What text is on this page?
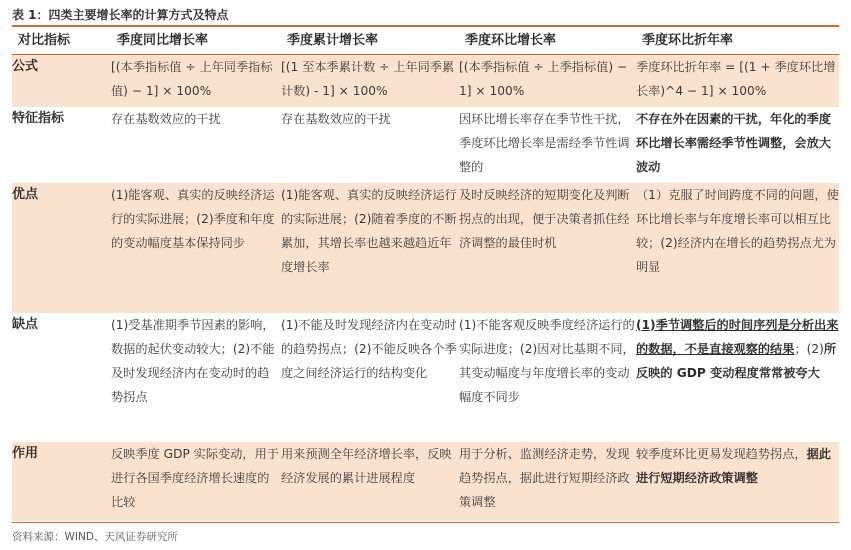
表 1：四类主要增长率的计算方式及特点
对比指标	季度同比增长率	季度累计增长率	季度环比增长率	季度环比折年率
公式	[(本季指标值 ÷ 上年同季指标值) − 1] × 100%	[(1 至本季累计数 ÷ 上年同季累计数) - 1] × 100%	[(本季指标值 ÷ 上季指标值) − 1] × 100%	季度环比折年率 = [(1 + 季度环比增长率)^4 − 1] × 100%
特征指标	存在基数效应的干扰	存在基数效应的干扰	因环比增长率存在季节性干扰，季度环比增长率是需经季节性调整的	不存在外在因素的干扰，年化的季度环比增长率需经季节性调整，会放大波动
优点	(1)能客观、真实的反映经济运行的实际进展；(2)季度和年度的变动幅度基本保持同步	(1)能客观、真实的反映经济运行的实际进展；(2)随着季度的不断累加，其增长率也越来越趋近年度增长率	及时反映经济的短期变化及判断拐点的出现，便于决策者抓住经济调整的最佳时机	（1）克服了时间跨度不同的问题，使环比增长率与年度增长率可以相互比较；(2)经济内在增长的趋势拐点尤为明显
缺点	(1)受基准期季节因素的影响，数据的起伏变动较大；(2)不能及时发现经济内在变动时的趋势拐点	(1)不能及时发现经济内在变动时的趋势拐点；(2)不能反映各个季度之间经济运行的结构变化	(1)不能客观反映季度经济运行的实际进度；(2)因对比基期不同，其变动幅度与年度增长率的变动幅度不同步	(1)季节调整后的时间序列是分析出来的数据，不是直接观察的结果；(2)所反映的 GDP 变动程度常常被夸大
作用	反映季度 GDP 实际变动，用于进行各国季度经济增长速度的比较	用来预测全年经济增长率，反映经济发展的累计进展程度	用于分析、监测经济走势，发现趋势拐点，据此进行短期经济政策调整	较季度环比更易发现趋势拐点，据此进行短期经济政策调整
资料来源：WIND、天风证券研究所
